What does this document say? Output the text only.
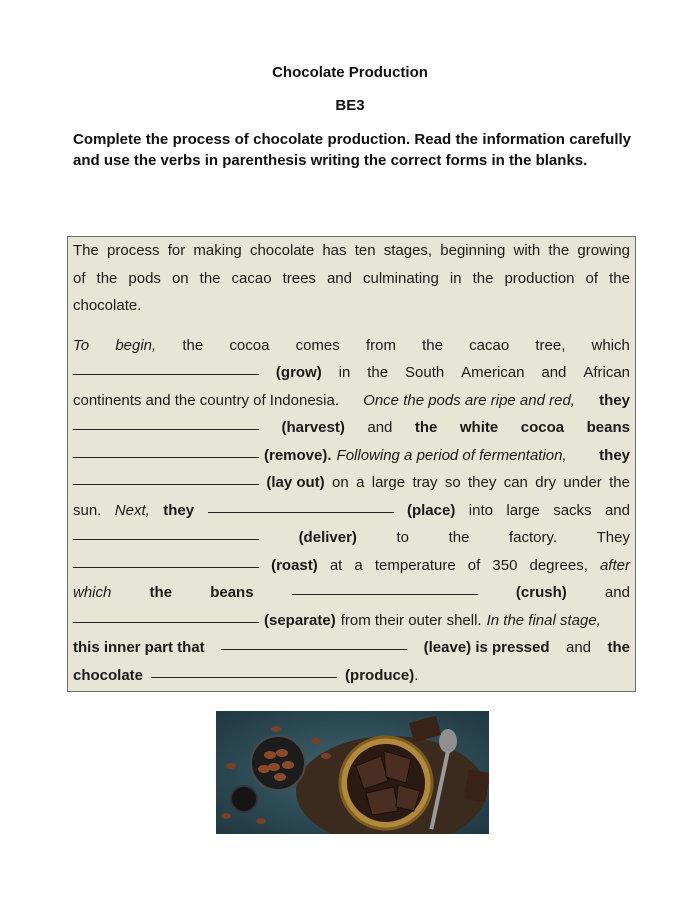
Chocolate Production
BE3
Complete the process of chocolate production. Read the information carefully and use the verbs in parenthesis writing the correct forms in the blanks.
The process for making chocolate has ten stages, beginning with the growing
of the pods on the cacao trees and culminating in the production of the
chocolate.
To begin, the cocoa comes from the cacao tree, which
(grow) in the South American and African
continents and the country of Indonesia. Once the pods are ripe and red, they
(harvest) and the white cocoa beans
(remove). Following a period of fermentation,	they
(lay out) on a large tray so they can dry under the
sun. Next, they	(place) into large sacks and
(deliver)	to	the	factory.	They
(roast) at a temperature of 350 degrees, after
which	the	beans	(crush)	and
(separate) from their outer shell. In the final stage,
this inner part that	(leave) is pressed and the
chocolate	(produce).
